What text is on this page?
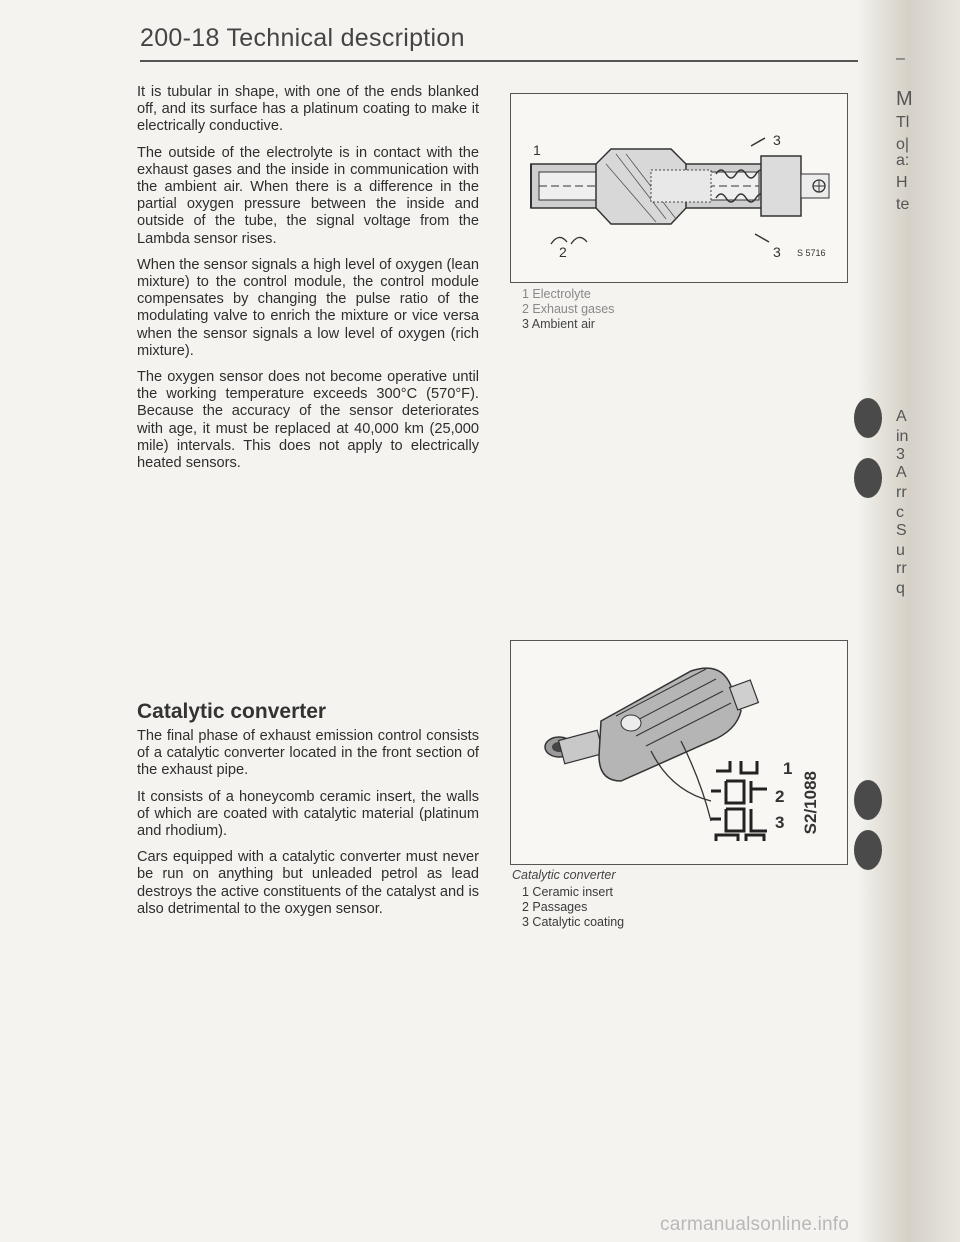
200-18 Technical description

It is tubular in shape, with one of the ends blanked off, and its surface has a platinum coating to make it electrically conductive.

The outside of the electrolyte is in contact with the exhaust gases and the inside in communication with the ambient air. When there is a difference in the partial oxygen pressure between the inside and outside of the tube, the signal voltage from the Lambda sensor rises.

When the sensor signals a high level of oxygen (lean mixture) to the control module, the control module compensates by changing the pulse ratio of the modulating valve to enrich the mixture or vice versa when the sensor signals a low level of oxygen (rich mixture).

The oxygen sensor does not become operative until the working temperature exceeds 300°C (570°F). Because the accuracy of the sensor deteriorates with age, it must be replaced at 40,000 km (25,000 mile) intervals. This does not apply to electrically heated sensors.

Catalytic converter

The final phase of exhaust emission control consists of a catalytic converter located in the front section of the exhaust pipe.

It consists of a honeycomb ceramic insert, the walls of which are coated with catalytic material (platinum and rhodium).

Cars equipped with a catalytic converter must never be run on anything but unleaded petrol as lead destroys the active constituents of the catalyst and is also detrimental to the oxygen sensor.

1
2
3
3 S 5716
1 Electrolyte
2 Exhaust gases
3 Ambient air
1
2
3 S2/1088
Catalytic converter
1 Ceramic insert
2 Passages
3 Catalytic coating
–
M
Tl
o|
a:
H
te
A
in
3
A
rr
c
S
u
rr
q
carmanualsonline.info
